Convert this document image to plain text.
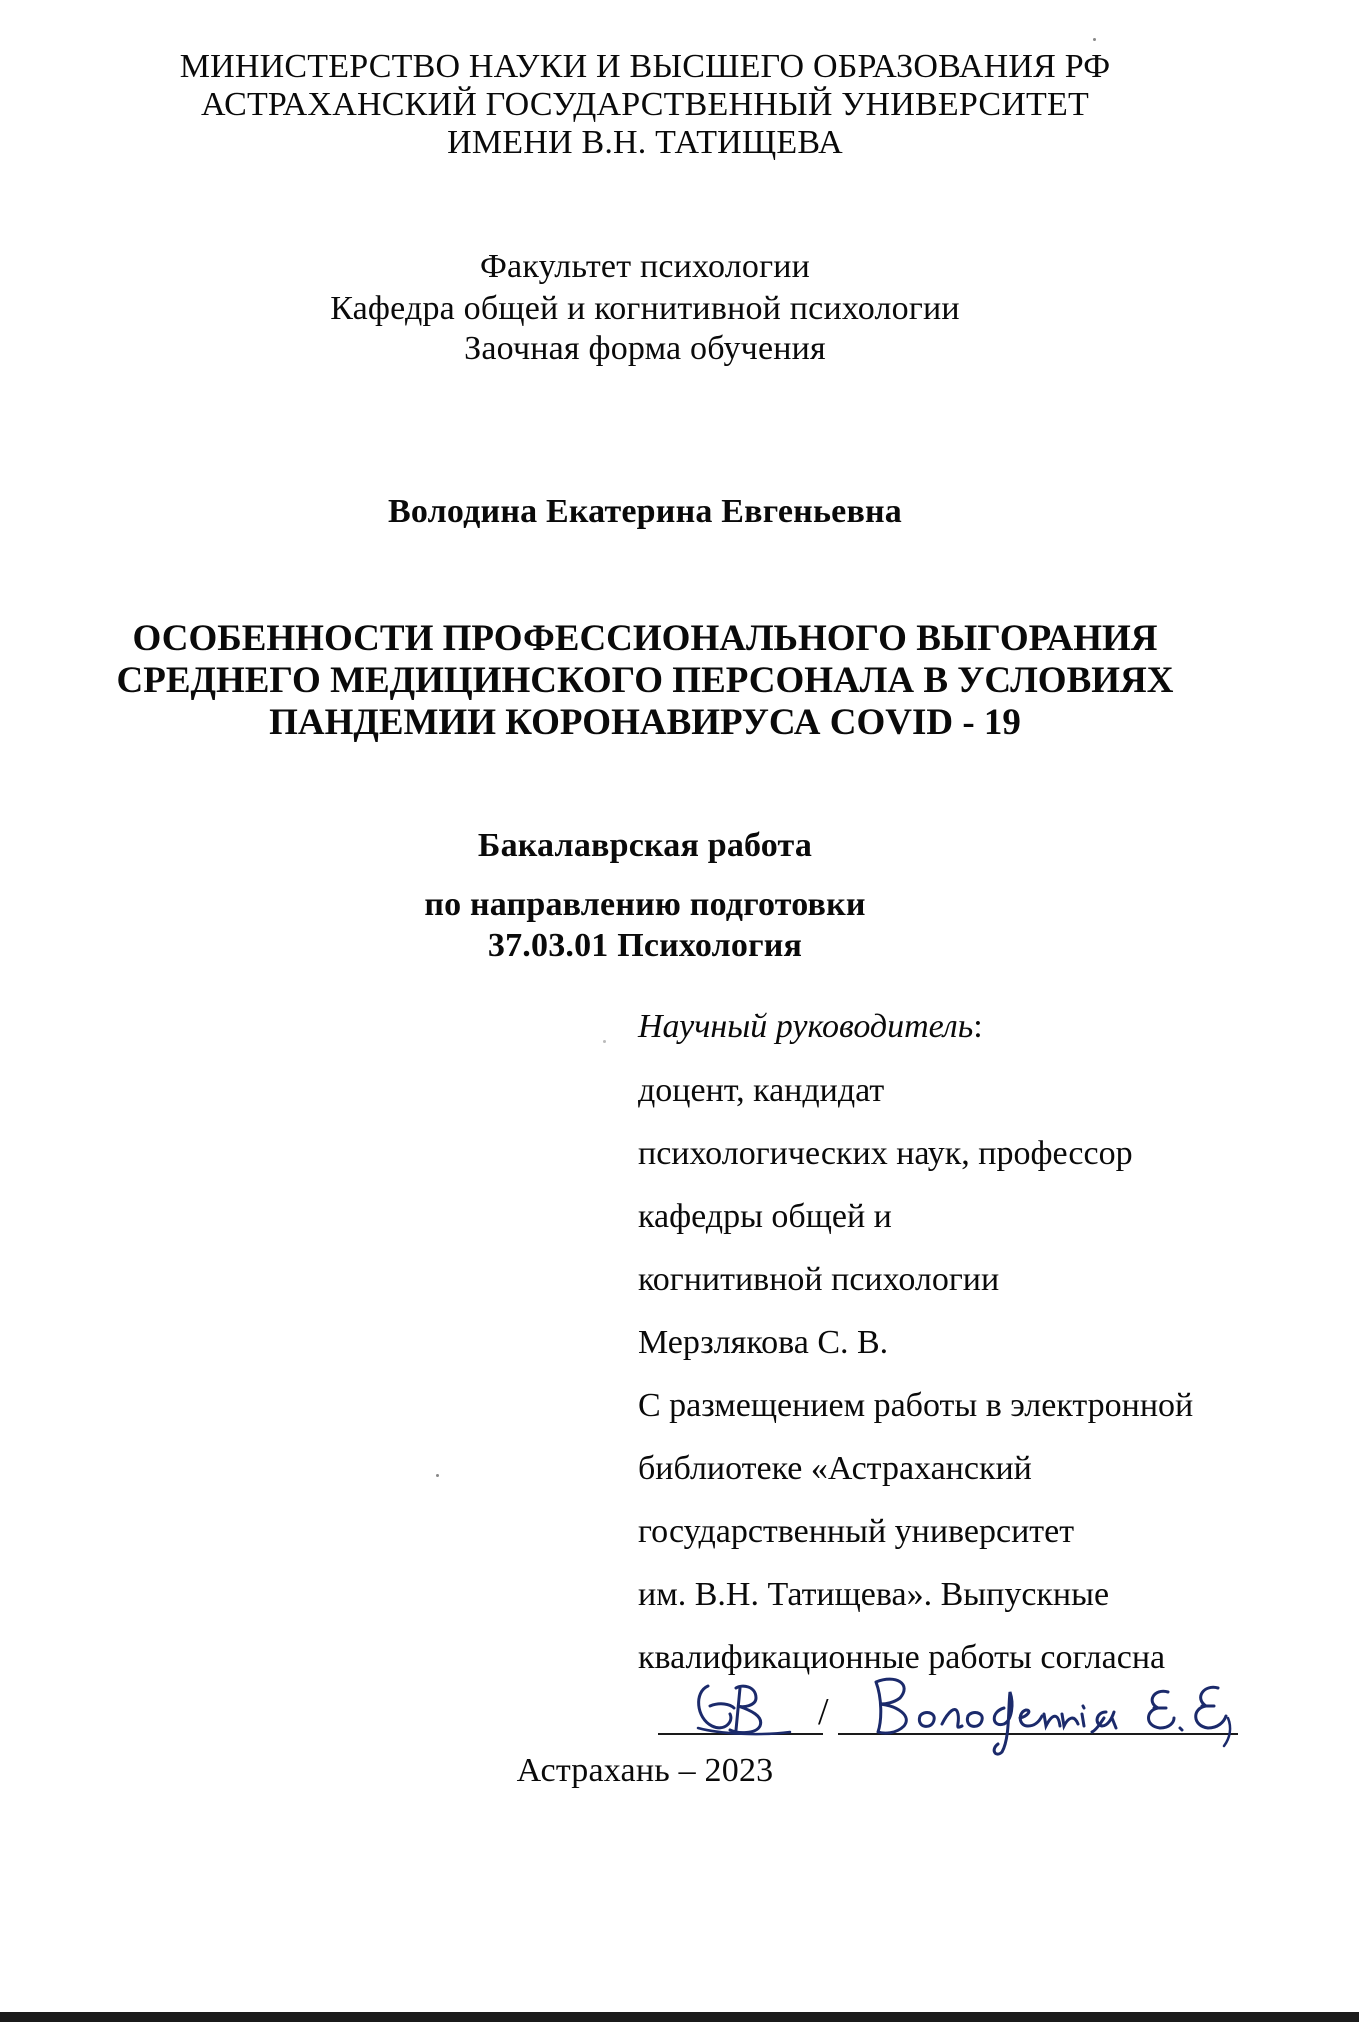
МИНИСТЕРСТВО НАУКИ И ВЫСШЕГО ОБРАЗОВАНИЯ РФ
АСТРАХАНСКИЙ ГОСУДАРСТВЕННЫЙ УНИВЕРСИТЕТ
ИМЕНИ В.Н. ТАТИЩЕВА
Факультет психологии
Кафедра общей и когнитивной психологии
Заочная форма обучения
Володина Екатерина Евгеньевна
ОСОБЕННОСТИ ПРОФЕССИОНАЛЬНОГО ВЫГОРАНИЯ
СРЕДНЕГО МЕДИЦИНСКОГО ПЕРСОНАЛА В УСЛОВИЯХ
ПАНДЕМИИ КОРОНАВИРУСА COVID - 19
Бакалаврская работа
по направлению подготовки
37.03.01 Психология
Научный руководитель:
доцент, кандидат
психологических наук, профессор
кафедры общей и
когнитивной психологии
Мерзлякова С. В.
С размещением работы в электронной
библиотеке «Астраханский
государственный университет
им. В.Н. Татищева». Выпускные
квалификационные работы согласна
/
Астрахань – 2023
